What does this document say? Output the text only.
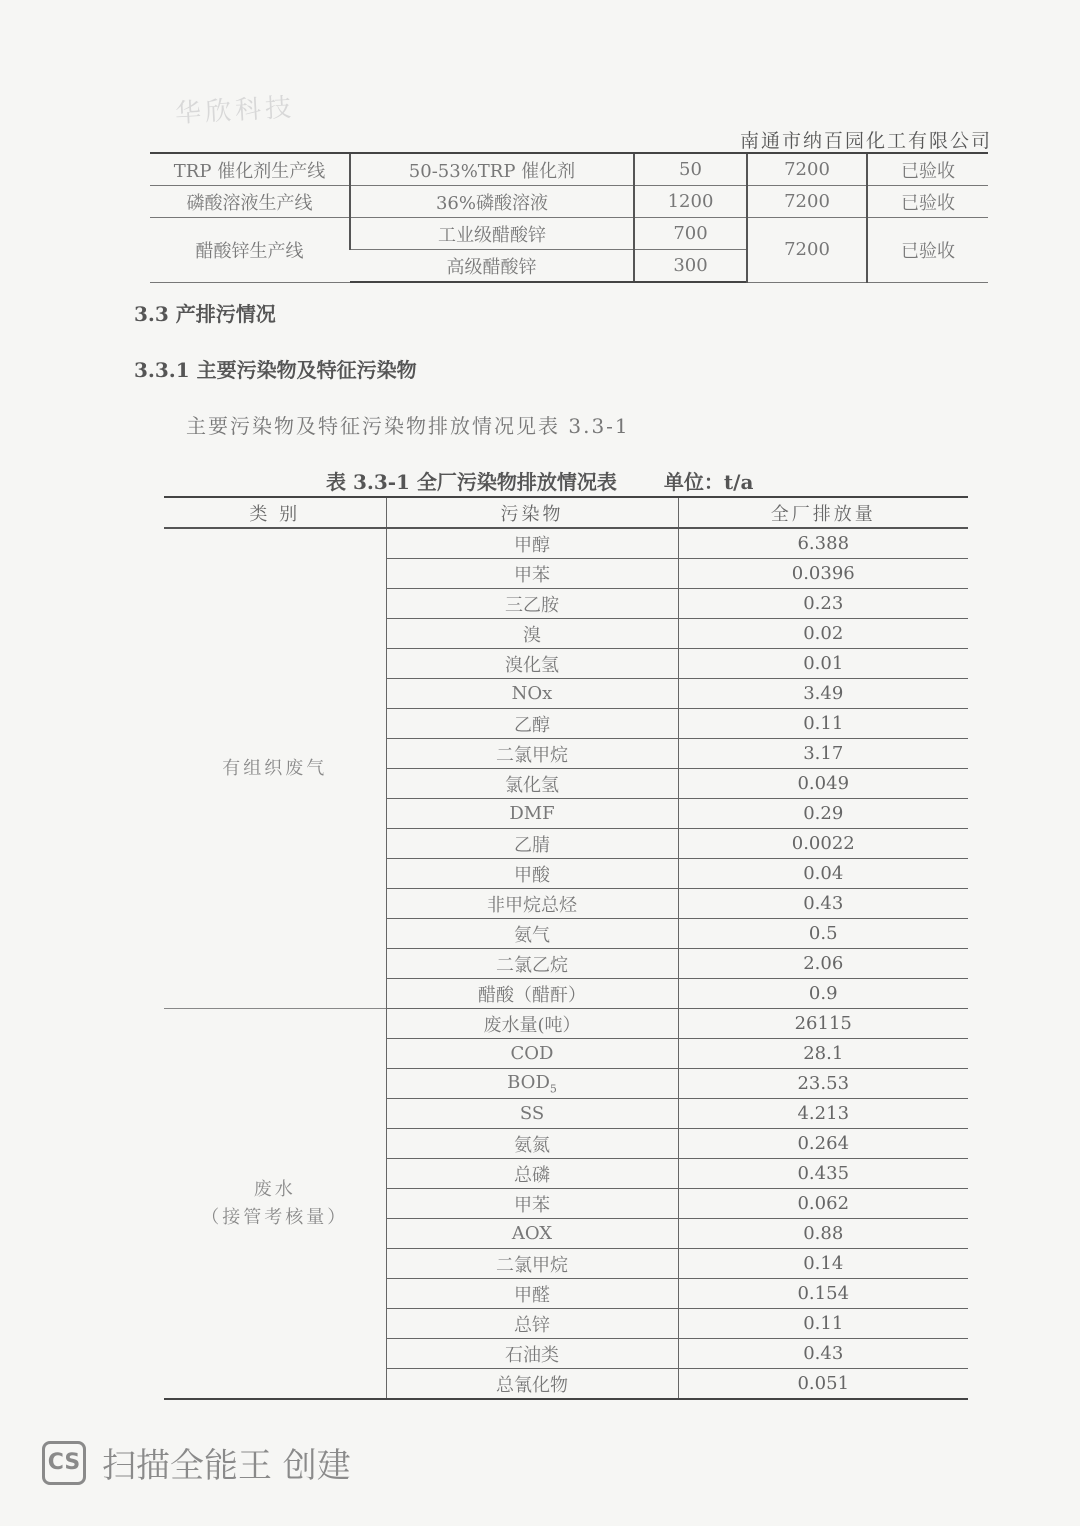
华欣科技
南通市纳百园化工有限公司
TRP 催化剂生产线	50-53%TRP 催化剂	50	7200	已验收
磷酸溶液生产线	36%磷酸溶液	1200	7200	已验收
醋酸锌生产线	工业级醋酸锌	700	7200	已验收
	高级醋酸锌	300		
3.3 产排污情况
3.3.1 主要污染物及特征污染物
主要污染物及特征污染物排放情况见表 3.3-1
表 3.3-1 全厂污染物排放情况表 单位：t/a
类 别	污染物	全厂排放量

有组织废气	甲醇	6.388
	甲苯	0.0396
	三乙胺	0.23
	溴	0.02
	溴化氢	0.01
	NOx	3.49
	乙醇	0.11
	二氯甲烷	3.17
	氯化氢	0.049
	DMF	0.29
	乙腈	0.0022
	甲酸	0.04
	非甲烷总烃	0.43
	氨气	0.5
	二氯乙烷	2.06
	醋酸（醋酐）	0.9

废水
（接管考核量）	废水量(吨）	26115
	COD	28.1
	$BOD_5$	23.53
	SS	4.213
	氨氮	0.264
	总磷	0.435
	甲苯	0.062
	AOX	0.88
	二氯甲烷	0.14
	甲醛	0.154
	总锌	0.11
	石油类	0.43
	总氰化物	0.051
CS 扫描全能王 创建
